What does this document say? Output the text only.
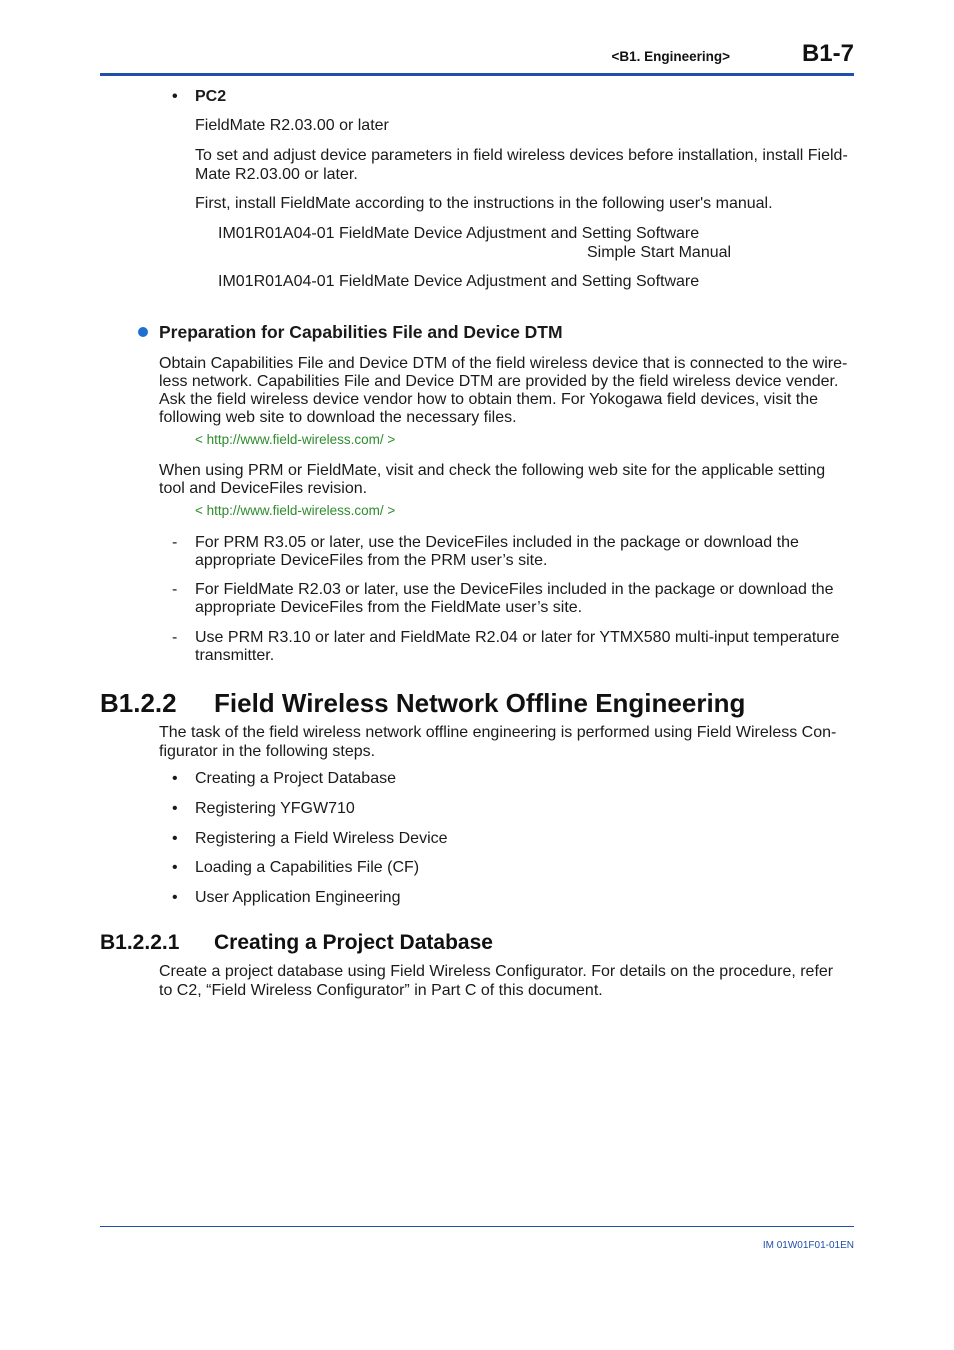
<B1. Engineering>	B1-7
• PC2
FieldMate R2.03.00 or later
To set and adjust device parameters in field wireless devices before installation, install Field-
Mate R2.03.00 or later.
First, install FieldMate according to the instructions in the following user's manual.
IM01R01A04-01 FieldMate Device Adjustment and Setting Software
Simple Start Manual
IM01R01A04-01 FieldMate Device Adjustment and Setting Software
Preparation for Capabilities File and Device DTM
Obtain Capabilities File and Device DTM of the field wireless device that is connected to the wire-
less network. Capabilities File and Device DTM are provided by the field wireless device vender.
Ask the field wireless device vendor how to obtain them. For Yokogawa field devices, visit the
following web site to download the necessary files.
< http://www.field-wireless.com/ >
When using PRM or FieldMate, visit and check the following web site for the applicable setting
tool and DeviceFiles revision.
< http://www.field-wireless.com/ >
- For PRM R3.05 or later, use the DeviceFiles included in the package or download the
appropriate DeviceFiles from the PRM user’s site.
- For FieldMate R2.03 or later, use the DeviceFiles included in the package or download the
appropriate DeviceFiles from the FieldMate user’s site.
- Use PRM R3.10 or later and FieldMate R2.04 or later for YTMX580 multi-input temperature
transmitter.
B1.2.2 Field Wireless Network Offline Engineering
The task of the field wireless network offline engineering is performed using Field Wireless Con-
figurator in the following steps.
• Creating a Project Database
• Registering YFGW710
• Registering a Field Wireless Device
• Loading a Capabilities File (CF)
• User Application Engineering
B1.2.2.1 Creating a Project Database
Create a project database using Field Wireless Configurator. For details on the procedure, refer
to C2, “Field Wireless Configurator” in Part C of this document.
IM 01W01F01-01EN
